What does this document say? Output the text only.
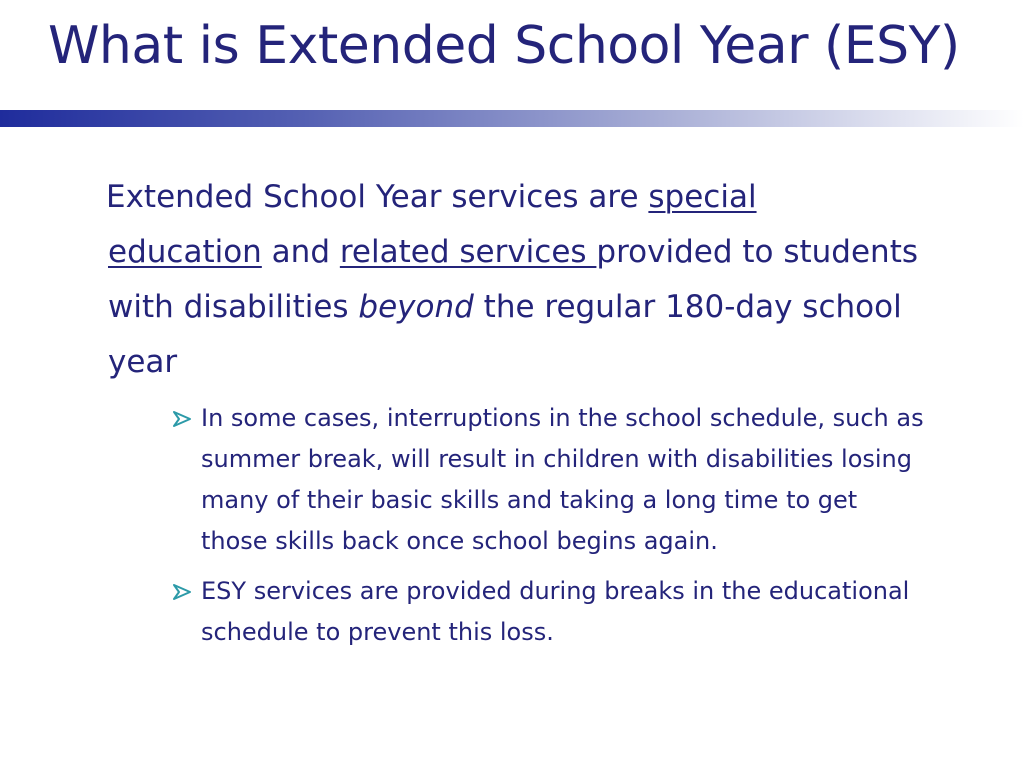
What is Extended School Year (ESY)

Extended School Year services are special education and related services provided to students with disabilities beyond the regular 180-day school year

In some cases, interruptions in the school schedule, such as summer break, will result in children with disabilities losing many of their basic skills and taking a long time to get those skills back once school begins again.
ESY services are provided during breaks in the educational schedule to prevent this loss.
